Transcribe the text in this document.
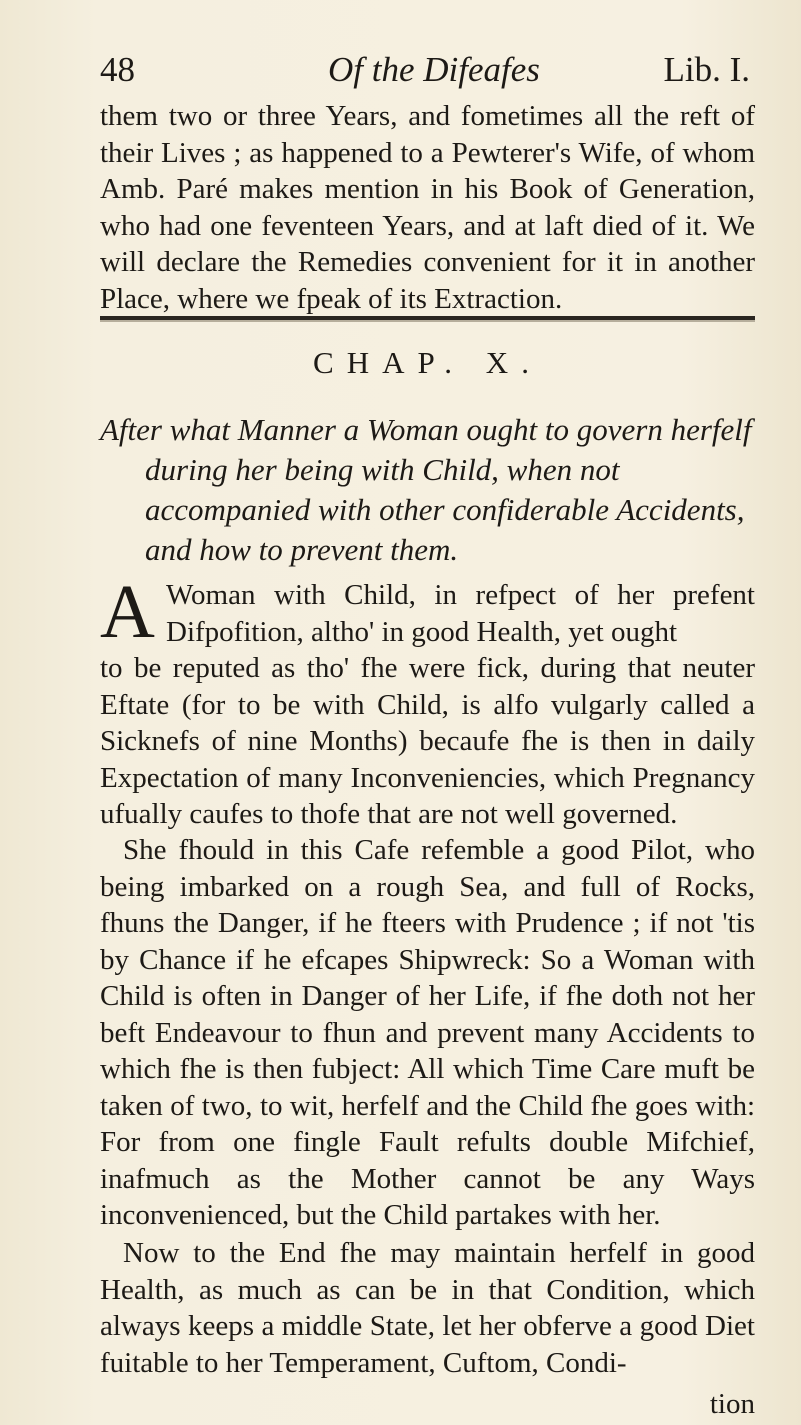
48	Of the Difeafes	Lib. I.

them two or three Years, and fometimes all the reft of their Lives ; as happened to a Pewterer's Wife, of whom Amb. Paré makes mention in his Book of Generation, who had one feventeen Years, and at laft died of it. We will declare the Remedies convenient for it in another Place, where we fpeak of its Extraction.

CHAP. X.

After what Manner a Woman ought to govern herfelf during her being with Child, when not accompanied with other confiderable Accidents, and how to prevent them.

A Woman with Child, in refpect of her prefent Difpofition, altho' in good Health, yet ought
to be reputed as tho' fhe were fick, during that neuter Eftate (for to be with Child, is alfo vulgarly called a Sicknefs of nine Months) becaufe fhe is then in daily Expectation of many Inconveniencies, which Pregnancy ufually caufes to thofe that are not well governed.

She fhould in this Cafe refemble a good Pilot, who being imbarked on a rough Sea, and full of Rocks, fhuns the Danger, if he fteers with Prudence ; if not 'tis by Chance if he efcapes Shipwreck: So a Woman with Child is often in Danger of her Life, if fhe doth not her beft Endeavour to fhun and prevent many Accidents to which fhe is then fubject: All which Time Care muft be taken of two, to wit, herfelf and the Child fhe goes with: For from one fingle Fault refults double Mifchief, inafmuch as the Mother cannot be any Ways inconvenienced, but the Child partakes with her.

Now to the End fhe may maintain herfelf in good Health, as much as can be in that Condition, which always keeps a middle State, let her obferve a good Diet fuitable to her Temperament, Cuftom, Condi-

tion
